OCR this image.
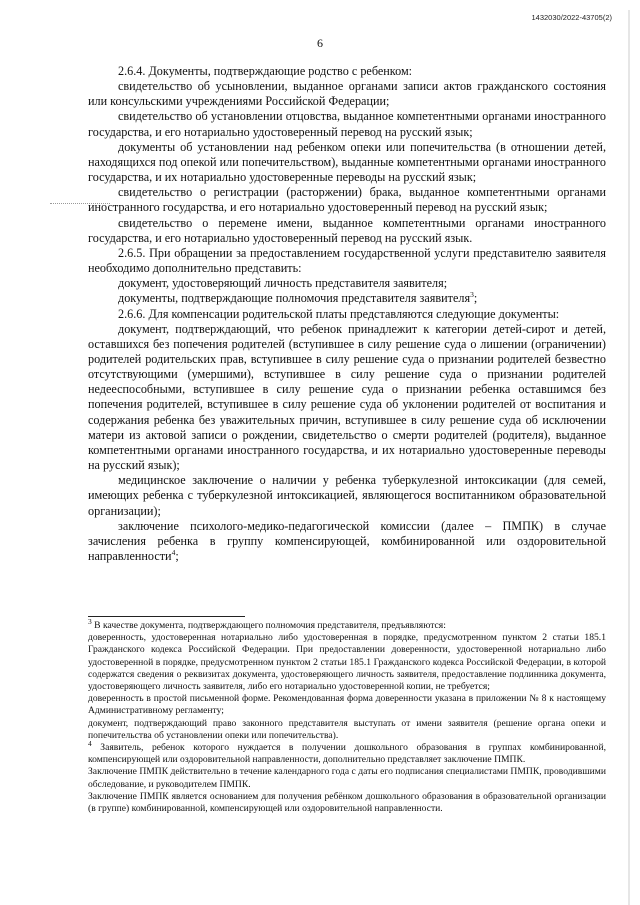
1432030/2022-43705(2)
6

2.6.4. Документы, подтверждающие родство с ребенком:

свидетельство об усыновлении, выданное органами записи актов гражданского состояния или консульскими учреждениями Российской Федерации;

свидетельство об установлении отцовства, выданное компетентными органами иностранного государства, и его нотариально удостоверенный перевод на русский язык;

документы об установлении над ребенком опеки или попечительства (в отношении детей, находящихся под опекой или попечительством), выданные компетентными органами иностранного государства, и их нотариально удостоверенные переводы на русский язык;

свидетельство о регистрации (расторжении) брака, выданное компетентными органами иностранного государства, и его нотариально удостоверенный перевод на русский язык;

свидетельство о перемене имени, выданное компетентными органами иностранного государства, и его нотариально удостоверенный перевод на русский язык.

2.6.5. При обращении за предоставлением государственной услуги представителю заявителя необходимо дополнительно представить:

документ, удостоверяющий личность представителя заявителя;

документы, подтверждающие полномочия представителя заявителя$^3$;

2.6.6. Для компенсации родительской платы представляются следующие документы:

документ, подтверждающий, что ребенок принадлежит к категории детей-сирот и детей, оставшихся без попечения родителей (вступившее в силу решение суда о лишении (ограничении) родителей родительских прав, вступившее в силу решение суда о признании родителей безвестно отсутствующими (умершими), вступившее в силу решение суда о признании родителей недееспособными, вступившее в силу решение суда о признании ребенка оставшимся без попечения родителей, вступившее в силу решение суда об уклонении родителей от воспитания и содержания ребенка без уважительных причин, вступившее в силу решение суда об исключении матери из актовой записи о рождении, свидетельство о смерти родителей (родителя), выданное компетентными органами иностранного государства, и их нотариально удостоверенные переводы на русский язык);

медицинское заключение о наличии у ребенка туберкулезной интоксикации (для семей, имеющих ребенка с туберкулезной интоксикацией, являющегося воспитанником образовательной организации);

заключение психолого-медико-педагогической комиссии (далее – ПМПК) в случае зачисления ребенка в группу компенсирующей, комбинированной или оздоровительной направленности$^4$;

$^3$ В качестве документа, подтверждающего полномочия представителя, предъявляются:

доверенность, удостоверенная нотариально либо удостоверенная в порядке, предусмотренном пунктом 2 статьи 185.1 Гражданского кодекса Российской Федерации. При предоставлении доверенности, удостоверенной нотариально либо удостоверенной в порядке, предусмотренном пунктом 2 статьи 185.1 Гражданского кодекса Российской Федерации, в которой содержатся сведения о реквизитах документа, удостоверяющего личность заявителя, предоставление подлинника документа, удостоверяющего личность заявителя, либо его нотариально удостоверенной копии, не требуется;

доверенность в простой письменной форме. Рекомендованная форма доверенности указана в приложении № 8 к настоящему Административному регламенту;

документ, подтверждающий право законного представителя выступать от имени заявителя (решение органа опеки и попечительства об установлении опеки или попечительства).

$^4$ Заявитель, ребенок которого нуждается в получении дошкольного образования в группах комбинированной, компенсирующей или оздоровительной направленности, дополнительно представляет заключение ПМПК.

Заключение ПМПК действительно в течение календарного года с даты его подписания специалистами ПМПК, проводившими обследование, и руководителем ПМПК.

Заключение ПМПК является основанием для получения ребёнком дошкольного образования в образовательной организации (в группе) комбинированной, компенсирующей или оздоровительной направленности.
